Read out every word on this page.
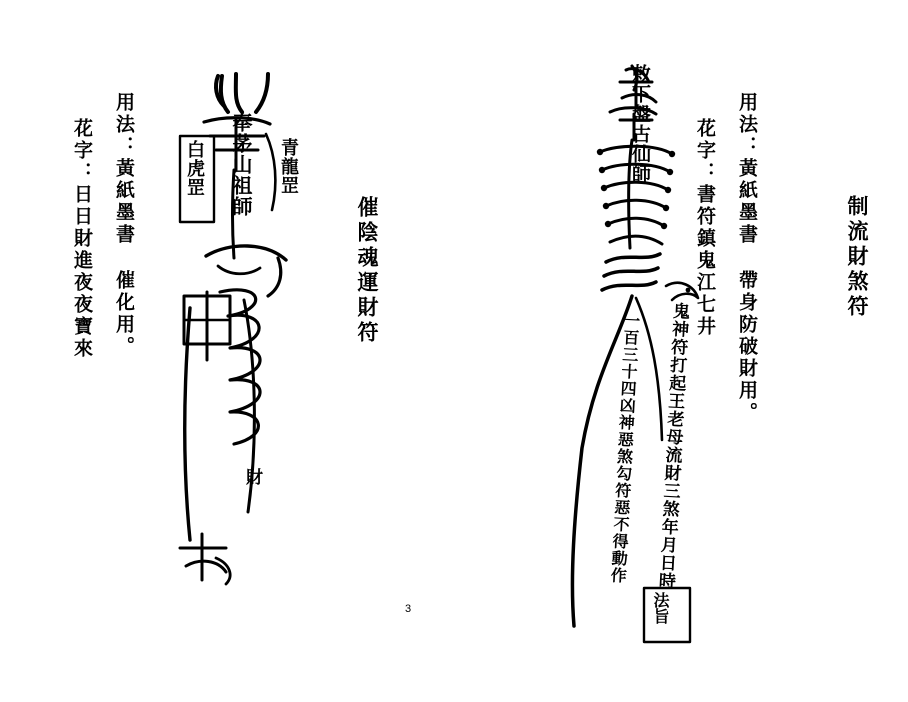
制流財煞符
用法：黃紙墨書 帶身防破財用。
花字：書符鎮鬼江七井
鬼神符打起王老母流財三煞年月日時
一百三十四凶神惡煞勾符惡不得動作
法旨
敕下盤古仙師
催陰魂運財符
用法：黃紙墨書 催化用。
花字：日日財進夜夜寶來
奉茅山祖師 青龍罡
白虎罡
財
3
